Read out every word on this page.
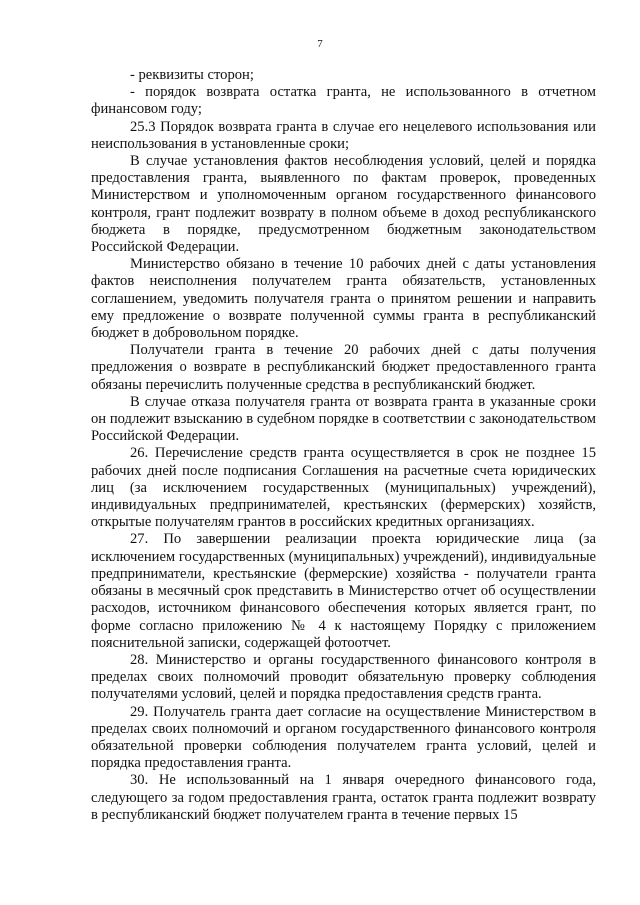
7

- реквизиты сторон;

- порядок возврата остатка гранта, не использованного в отчетном финансовом году;

25.3 Порядок возврата гранта в случае его нецелевого использования или неиспользования в установленные сроки;

В случае установления фактов несоблюдения условий, целей и порядка предоставления гранта, выявленного по фактам проверок, проведенных Министерством и уполномоченным органом государственного финансового контроля, грант подлежит возврату в полном объеме в доход республиканского бюджета в порядке, предусмотренном бюджетным законодательством Российской Федерации.

Министерство обязано в течение 10 рабочих дней с даты установления фактов неисполнения получателем гранта обязательств, установленных соглашением, уведомить получателя гранта о принятом решении и направить ему предложение о возврате полученной суммы гранта в республиканский бюджет в добровольном порядке.

Получатели гранта в течение 20 рабочих дней с даты получения предложения о возврате в республиканский бюджет предоставленного гранта обязаны перечислить полученные средства в республиканский бюджет.

В случае отказа получателя гранта от возврата гранта в указанные сроки он подлежит взысканию в судебном порядке в соответствии с законодательством Российской Федерации.

26. Перечисление средств гранта осуществляется в срок не позднее 15 рабочих дней после подписания Соглашения на расчетные счета юридических лиц (за исключением государственных (муниципальных) учреждений), индивидуальных предпринимателей, крестьянских (фермерских) хозяйств, открытые получателям грантов в российских кредитных организациях.

27. По завершении реализации проекта юридические лица (за исключением государственных (муниципальных) учреждений), индивидуальные предприниматели, крестьянские (фермерские) хозяйства - получатели гранта обязаны в месячный срок представить в Министерство отчет об осуществлении расходов, источником финансового обеспечения которых является грант, по форме согласно приложению № 4 к настоящему Порядку с приложением пояснительной записки, содержащей фотоотчет.

28. Министерство и органы государственного финансового контроля в пределах своих полномочий проводит обязательную проверку соблюдения получателями условий, целей и порядка предоставления средств гранта.

29. Получатель гранта дает согласие на осуществление Министерством в пределах своих полномочий и органом государственного финансового контроля обязательной проверки соблюдения получателем гранта условий, целей и порядка предоставления гранта.

30. Не использованный на 1 января очередного финансового года, следующего за годом предоставления гранта, остаток гранта подлежит возврату в республиканский бюджет получателем гранта в течение первых 15
